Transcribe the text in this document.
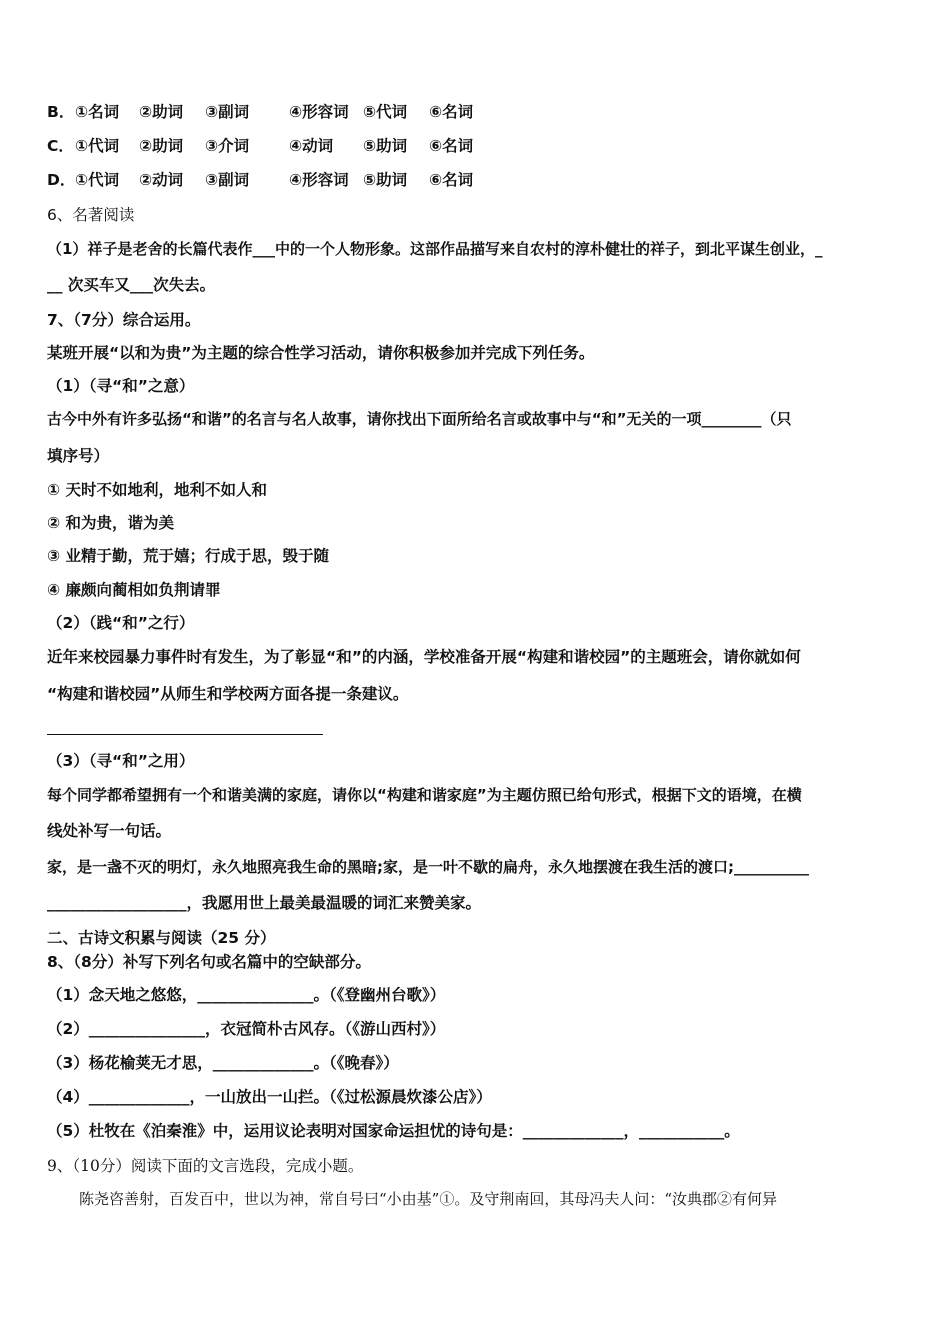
B．①名词 ②助词 ③副词	④形容词 ⑤代词 ⑥名词
C．①代词 ②助词 ③介词	④动词 ⑤助词 ⑥名词
D．①代词 ②动词 ③副词	④形容词 ⑤助词 ⑥名词
6、名著阅读
（1）祥子是老舍的长篇代表作___中的一个人物形象。这部作品描写来自农村的淳朴健壮的祥子，到北平谋生创业，_
__ 次买车又___次失去。
7、（7分）综合运用。
某班开展“以和为贵”为主题的综合性学习活动，请你积极参加并完成下列任务。
（1）（寻“和”之意）
古今中外有许多弘扬“和谐”的名言与名人故事，请你找出下面所给名言或故事中与“和”无关的一项________（只
填序号）
① 天时不如地利，地利不如人和
② 和为贵，谐为美
③ 业精于勤，荒于嬉；行成于思，毁于随
④ 廉颇向蔺相如负荆请罪
（2）（践“和”之行）
近年来校园暴力事件时有发生，为了彰显“和”的内涵，学校准备开展“构建和谐校园”的主题班会，请你就如何
“构建和谐校园”从师生和学校两方面各提一条建议。
（3）（寻“和”之用）
每个同学都希望拥有一个和谐美满的家庭，请你以“构建和谐家庭”为主题仿照已给句形式，根据下文的语境，在横
线处补写一句话。
家，是一盏不灭的明灯，永久地照亮我生命的黑暗;家，是一叶不歇的扁舟，永久地摆渡在我生活的渡口;__________
__________________，我愿用世上最美最温暖的词汇来赞美家。
二、古诗文积累与阅读（25 分）
8、（8分）补写下列名句或名篇中的空缺部分。
（1）念天地之悠悠，_______________。（《登幽州台歌》）
（2）_______________，衣冠简朴古风存。（《游山西村》）
（3）杨花榆荚无才思，_____________。（《晚春》）
（4）_____________，一山放出一山拦。（《过松源晨炊漆公店》）
（5）杜牧在《泊秦淮》中，运用议论表明对国家命运担忧的诗句是：_____________，___________。
9、（10分）阅读下面的文言选段，完成小题。
陈尧咨善射，百发百中，世以为神，常自号曰“小由基”①。及守荆南回，其母冯夫人问：“汝典郡②有何异
